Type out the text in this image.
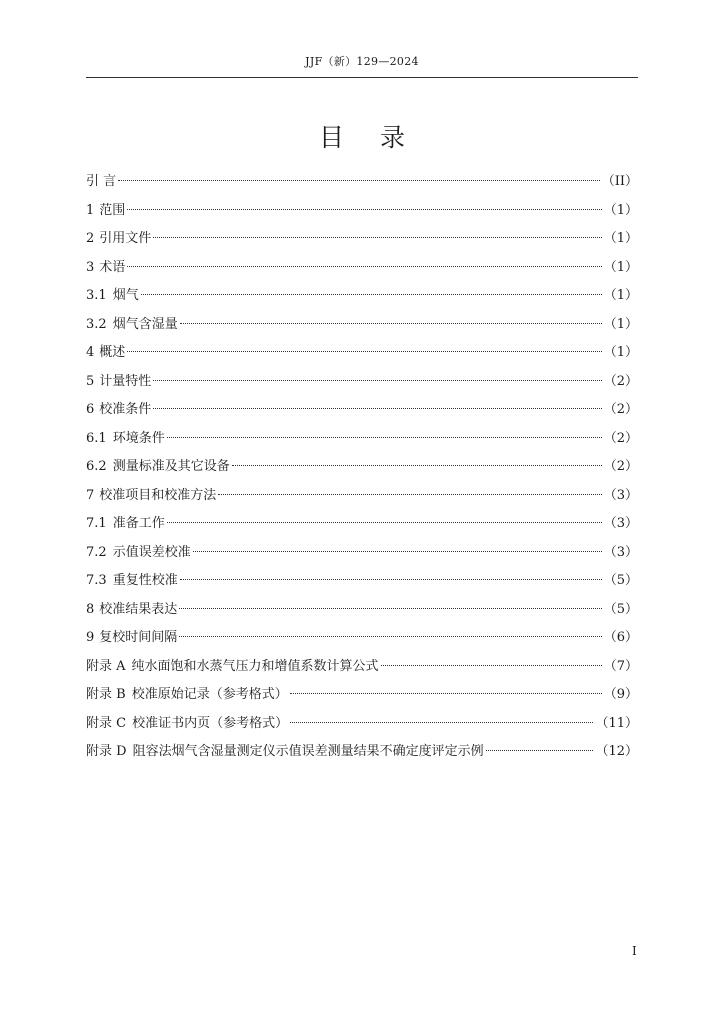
JJF（新）129—2024
目 录
引 言	（II）
1 范围	（1）
2 引用文件	（1）
3 术语	（1）
3.1 烟气	（1）
3.2 烟气含湿量	（1）
4 概述	（1）
5 计量特性	（2）
6 校准条件	（2）
6.1 环境条件	（2）
6.2 测量标准及其它设备	（2）
7 校准项目和校准方法	（3）
7.1 准备工作	（3）
7.2 示值误差校准	（3）
7.3 重复性校准	（5）
8 校准结果表达	（5）
9 复校时间间隔	（6）
附录 A 纯水面饱和水蒸气压力和增值系数计算公式	（7）
附录 B 校准原始记录（参考格式）	（9）
附录 C 校准证书内页（参考格式）	（11）
附录 D 阻容法烟气含湿量测定仪示值误差测量结果不确定度评定示例	（12）
I
